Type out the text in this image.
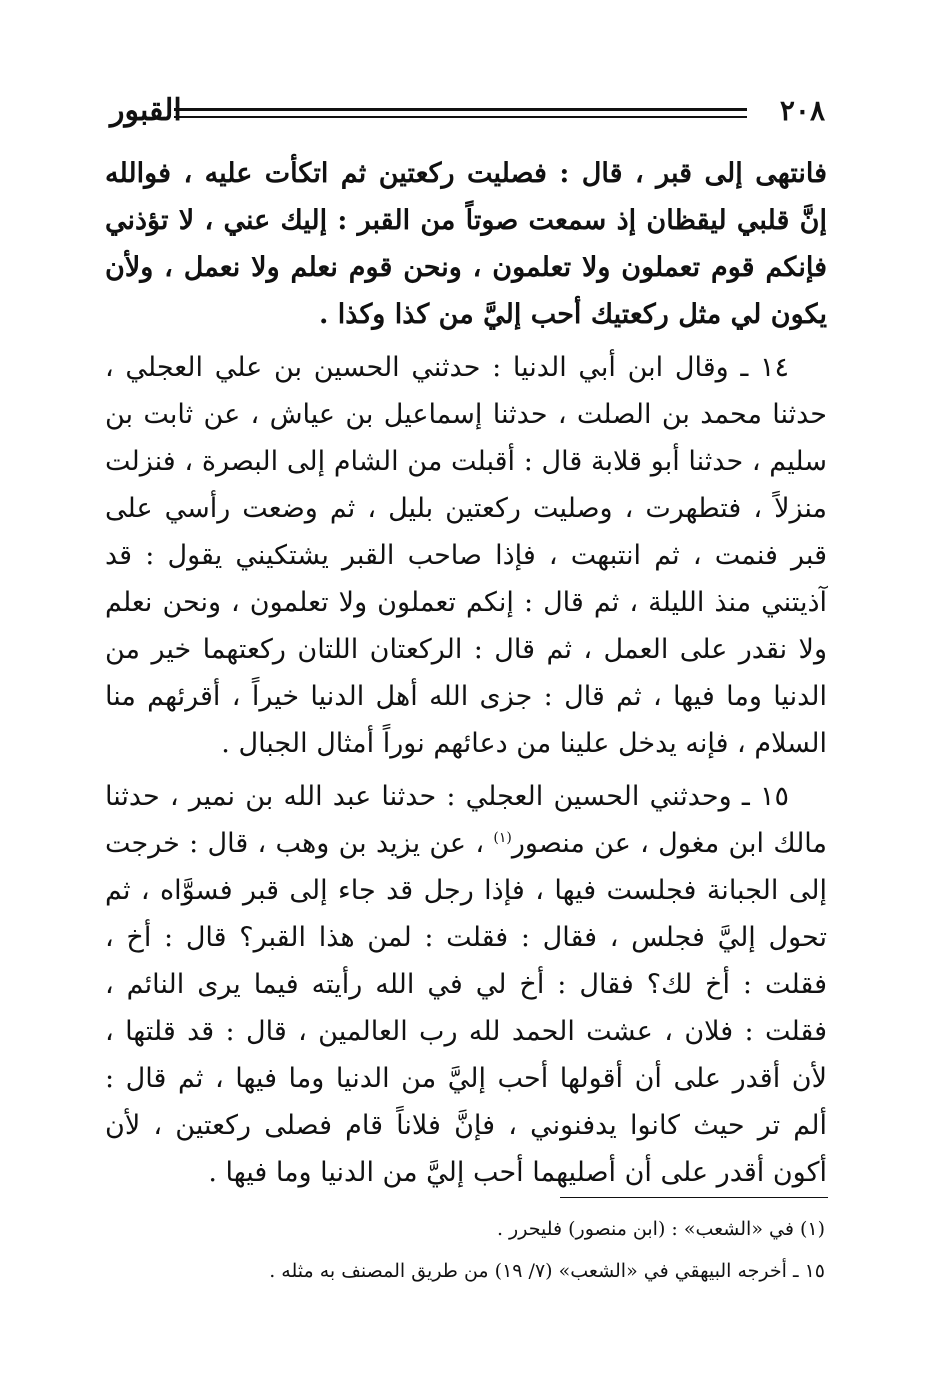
٢٠٨
القبور

فانتهى إلى قبر ، قال : فصليت ركعتين ثم اتكأت عليه ، فوالله إنَّ قلبي ليقظان إذ سمعت صوتاً من القبر : إليك عني ، لا تؤذني فإنكم قوم تعملون ولا تعلمون ، ونحن قوم نعلم ولا نعمل ، ولأن يكون لي مثل ركعتيك أحب إليَّ من كذا وكذا .

١٤ ـ وقال ابن أبي الدنيا : حدثني الحسين بن علي العجلي ، حدثنا محمد بن الصلت ، حدثنا إسماعيل بن عياش ، عن ثابت بن سليم ، حدثنا أبو قلابة قال : أقبلت من الشام إلى البصرة ، فنزلت منزلاً ، فتطهرت ، وصليت ركعتين بليل ، ثم وضعت رأسي على قبر فنمت ، ثم انتبهت ، فإذا صاحب القبر يشتكيني يقول : قد آذيتني منذ الليلة ، ثم قال : إنكم تعملون ولا تعلمون ، ونحن نعلم ولا نقدر على العمل ، ثم قال : الركعتان اللتان ركعتهما خير من الدنيا وما فيها ، ثم قال : جزى الله أهل الدنيا خيراً ، أقرئهم منا السلام ، فإنه يدخل علينا من دعائهم نوراً أمثال الجبال .

١٥ ـ وحدثني الحسين العجلي : حدثنا عبد الله بن نمير ، حدثنا مالك ابن مغول ، عن منصور$^{(١)}$ ، عن يزيد بن وهب ، قال : خرجت إلى الجبانة فجلست فيها ، فإذا رجل قد جاء إلى قبر فسوَّاه ، ثم تحول إليَّ فجلس ، فقال : فقلت : لمن هذا القبر؟ قال : أخ ، فقلت : أخ لك؟ فقال : أخ لي في الله رأيته فيما يرى النائم ، فقلت : فلان ، عشت الحمد لله رب العالمين ، قال : قد قلتها ، لأن أقدر على أن أقولها أحب إليَّ من الدنيا وما فيها ، ثم قال : ألم تر حيث كانوا يدفنوني ، فإنَّ فلاناً قام فصلى ركعتين ، لأن أكون أقدر على أن أصليهما أحب إليَّ من الدنيا وما فيها .

(١) في «الشعب» : (ابن منصور) فليحرر .

١٥ ـ أخرجه البيهقي في «الشعب» (٧/ ١٩) من طريق المصنف به مثله .
